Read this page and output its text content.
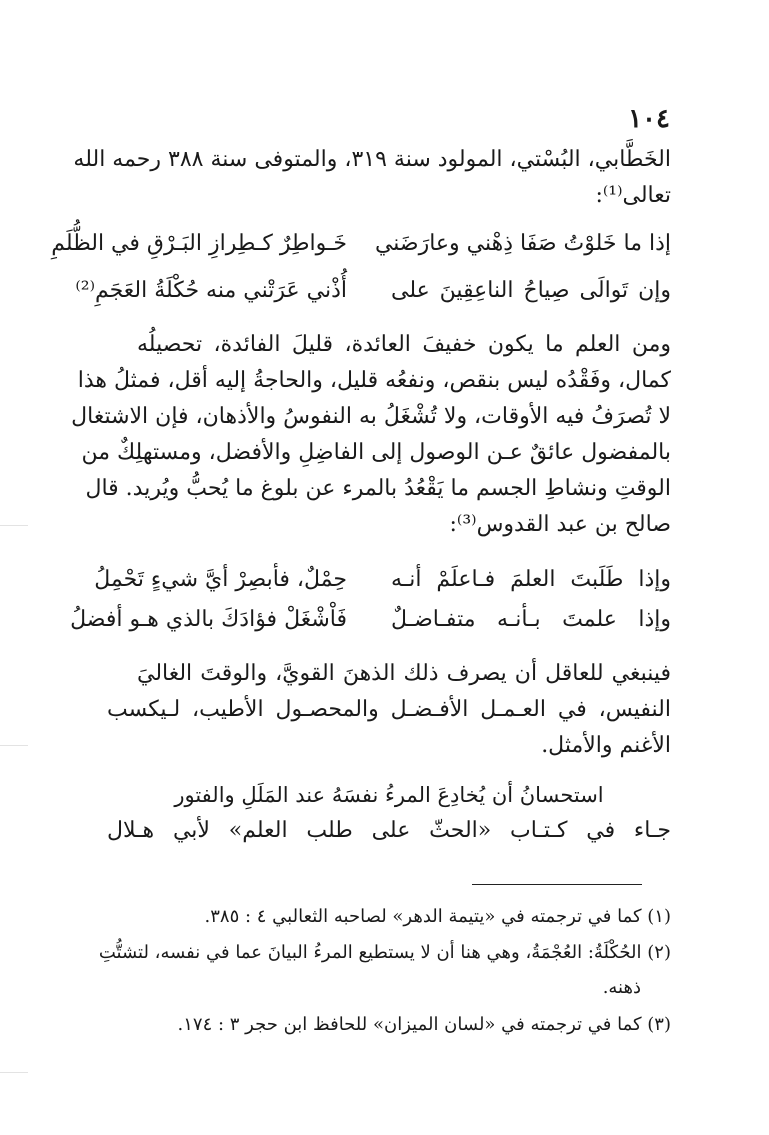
١٠٤
الخَطَّابي، البُسْتي، المولود سنة ٣١٩، والمتوفى سنة ٣٨٨ رحمه الله
تعالى⁽¹⁾:
إذا ما خَلوْتُ صَفَا ذِهْني وعارَضَني
خَـواطِرٌ كـطِرازِ البَـرْقِ في الظُّلَمِ
وإن تَوالَى صِياحُ الناعِقِينَ على
أُذْني عَرَتْني منه حُكْلَةُ العَجَمِ⁽²⁾
ومن العلم ما يكون خفيفَ العائدة، قليلَ الفائدة، تحصيلُه
كمال، وفَقْدُه ليس بنقص، ونفعُه قليل، والحاجةُ إليه أقل، فمثلُ هذا
لا تُصرَفُ فيه الأوقات، ولا تُشْغَلُ به النفوسُ والأذهان، فإن الاشتغال
بالمفضول عائقٌ عـن الوصول إلى الفاضِلِ والأفضل، ومستهلِكٌ من
الوقتِ ونشاطِ الجسم ما يَقْعُدُ بالمرء عن بلوغ ما يُحبُّ ويُريد. قال
صالح بن عبد القدوس⁽³⁾:
وإذا طَلَبتَ العلمَ فـاعلَمْ أنـه
حِمْلٌ، فأبصِرْ أيَّ شيءٍ تَحْمِلُ
وإذا علمتَ بـأنـه متفـاضـلٌ
فَاْشْغَلْ فؤادَكَ بالذي هـو أفضلُ
فينبغي للعاقل أن يصرف ذلك الذهنَ القويَّ، والوقتَ الغاليَ
النفيس، في العـمـل الأفـضـل والمحصـول الأطيب، لـيكسب
الأغنم والأمثل.
استحسانُ أن يُخادِعَ المرءُ نفسَهُ عند المَلَلِ والفتور
جـاء في كـتـاب «الحثّ على طلب العلم» لأبي هـلال
(١) كما في ترجمته في «يتيمة الدهر» لصاحبه الثعالبي ٤ : ٣٨٥.
(٢) الحُكْلَةُ: العُجْمَةُ، وهي هنا أن لا يستطيع المرءُ البيانَ عما في نفسه، لتشتُّتِ
ذهنه.
(٣) كما في ترجمته في «لسان الميزان» للحافظ ابن حجر ٣ : ١٧٤.
